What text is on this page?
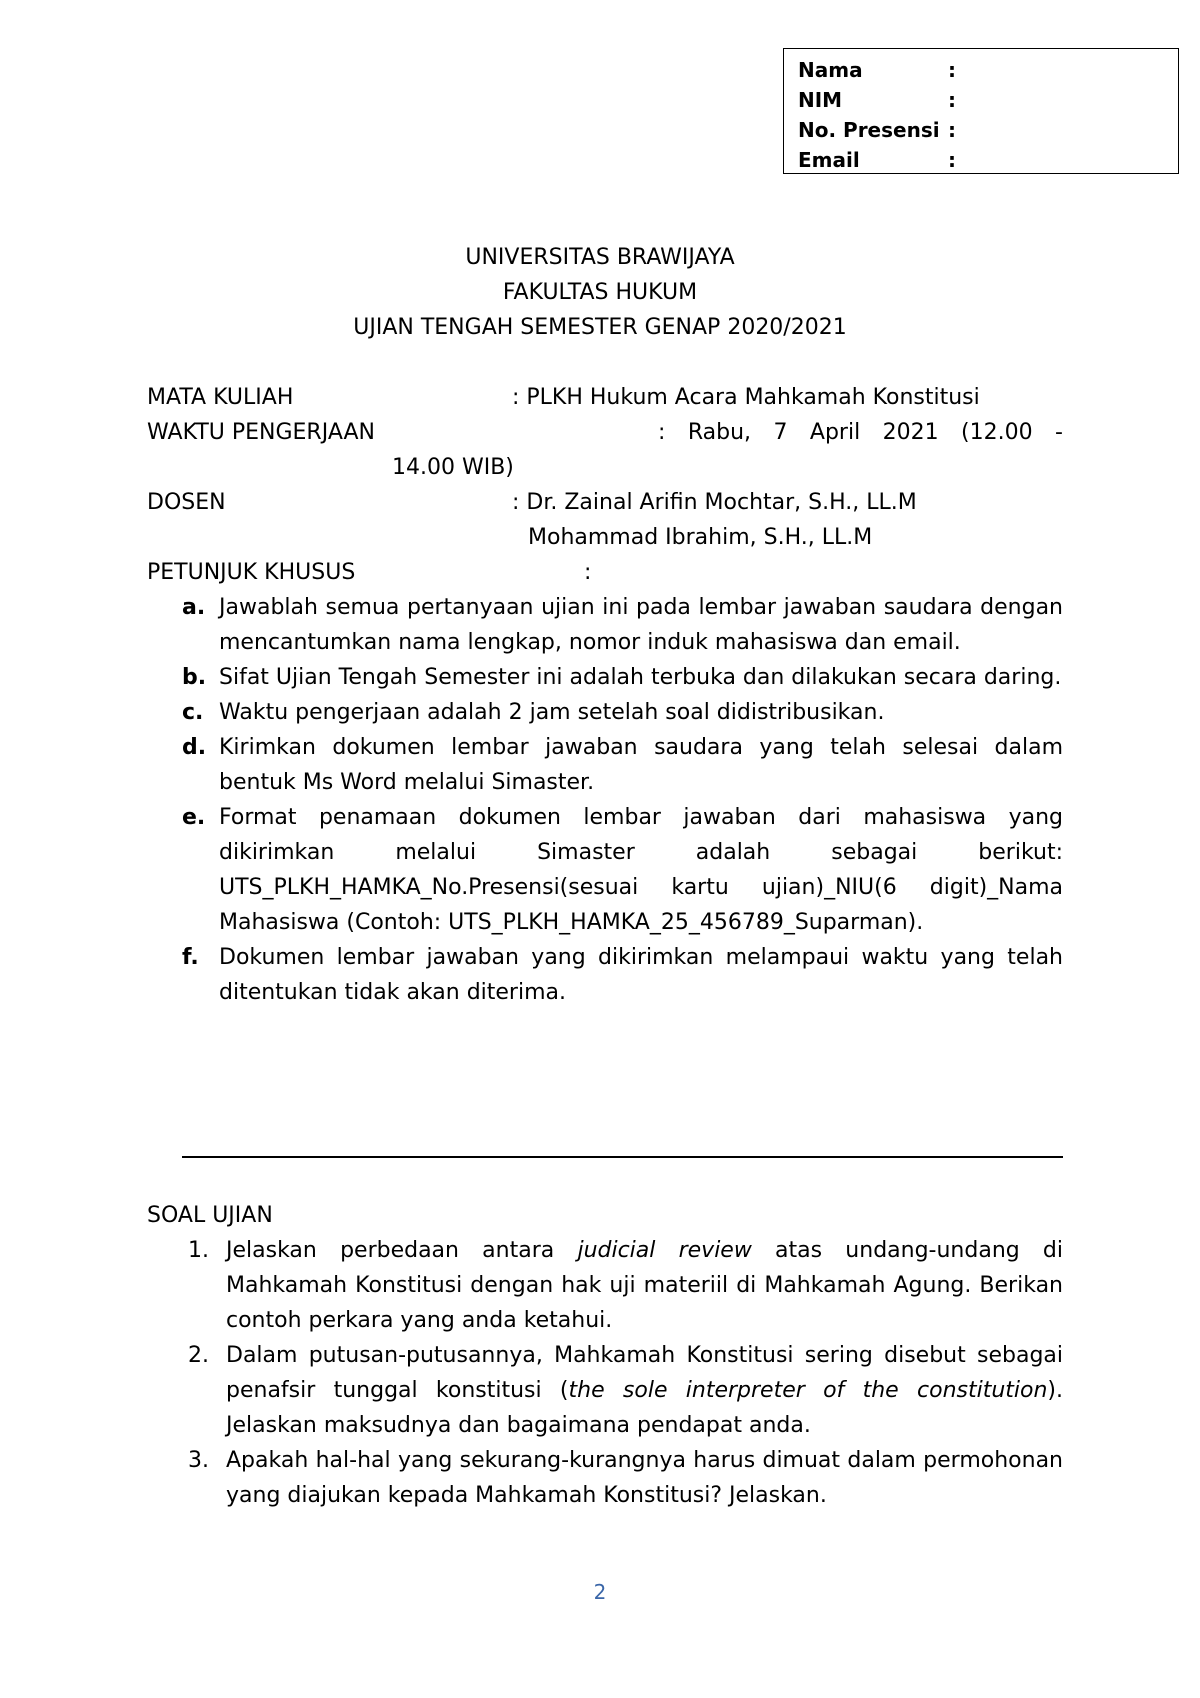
Nama	:
NIM	:
No. Presensi :
Email	:
UNIVERSITAS BRAWIJAYA
FAKULTAS HUKUM
UJIAN TENGAH SEMESTER GENAP 2020/2021
MATA KULIAH	: PLKH Hukum Acara Mahkamah Konstitusi
WAKTU PENGERJAAN	: Rabu, 7 April 2021 (12.00 -
14.00 WIB)
DOSEN	: Dr. Zainal Arifin Mochtar, S.H., LL.M
Mohammad Ibrahim, S.H., LL.M
PETUNJUK KHUSUS	:
a. Jawablah semua pertanyaan ujian ini pada lembar jawaban saudara dengan mencantumkan nama lengkap, nomor induk mahasiswa dan email.
b. Sifat Ujian Tengah Semester ini adalah terbuka dan dilakukan secara daring.
c. Waktu pengerjaan adalah 2 jam setelah soal didistribusikan.
d. Kirimkan dokumen lembar jawaban saudara yang telah selesai dalam bentuk Ms Word melalui Simaster.
e. Format penamaan dokumen lembar jawaban dari mahasiswa yang dikirimkan melalui Simaster adalah sebagai berikut: UTS_PLKH_HAMKA_No.Presensi(sesuai kartu ujian)_NIU(6 digit)_Nama Mahasiswa (Contoh: UTS_PLKH_HAMKA_25_456789_Suparman).
f. Dokumen lembar jawaban yang dikirimkan melampaui waktu yang telah ditentukan tidak akan diterima.
SOAL UJIAN
1. Jelaskan perbedaan antara judicial review atas undang-undang di Mahkamah Konstitusi dengan hak uji materiil di Mahkamah Agung. Berikan contoh perkara yang anda ketahui.
2. Dalam putusan-putusannya, Mahkamah Konstitusi sering disebut sebagai penafsir tunggal konstitusi (the sole interpreter of the constitution). Jelaskan maksudnya dan bagaimana pendapat anda.
3. Apakah hal-hal yang sekurang-kurangnya harus dimuat dalam permohonan yang diajukan kepada Mahkamah Konstitusi? Jelaskan.
2
